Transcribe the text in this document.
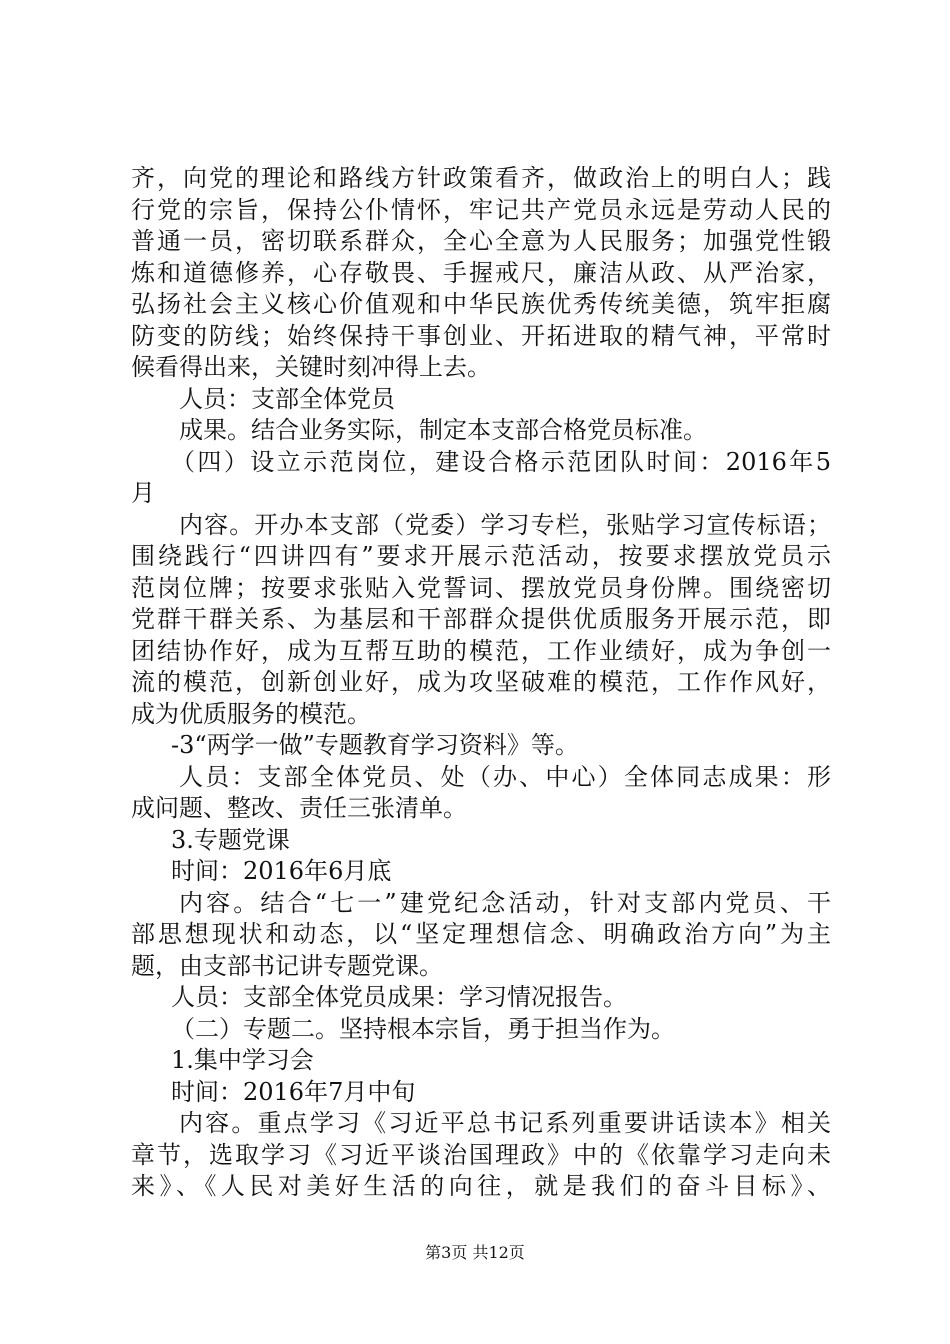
齐，向党的理论和路线方针政策看齐，做政治上的明白人；践
行党的宗旨，保持公仆情怀，牢记共产党员永远是劳动人民的
普通一员，密切联系群众，全心全意为人民服务；加强党性锻
炼和道德修养，心存敬畏、手握戒尺，廉洁从政、从严治家，
弘扬社会主义核心价值观和中华民族优秀传统美德，筑牢拒腐
防变的防线；始终保持干事创业、开拓进取的精气神，平常时
候看得出来，关键时刻冲得上去。
人员：支部全体党员
成果。结合业务实际，制定本支部合格党员标准。
（四）设立示范岗位，建设合格示范团队时间：2016年5
月
内容。开办本支部（党委）学习专栏，张贴学习宣传标语；
围绕践行“四讲四有”要求开展示范活动，按要求摆放党员示
范岗位牌；按要求张贴入党誓词、摆放党员身份牌。围绕密切
党群干群关系、为基层和干部群众提供优质服务开展示范，即
团结协作好，成为互帮互助的模范，工作业绩好，成为争创一
流的模范，创新创业好，成为攻坚破难的模范，工作作风好，
成为优质服务的模范。
-3“两学一做”专题教育学习资料》等。
人员：支部全体党员、处（办、中心）全体同志成果：形
成问题、整改、责任三张清单。
3.专题党课
时间：2016年6月底
内容。结合“七一”建党纪念活动，针对支部内党员、干
部思想现状和动态，以“坚定理想信念、明确政治方向”为主
题，由支部书记讲专题党课。
人员：支部全体党员成果：学习情况报告。
（二）专题二。坚持根本宗旨，勇于担当作为。
1.集中学习会
时间：2016年7月中旬
内容。重点学习《习近平总书记系列重要讲话读本》相关
章节，选取学习《习近平谈治国理政》中的《依靠学习走向未
来》、《人民对美好生活的向往，就是我们的奋斗目标》、
第3页 共12页
